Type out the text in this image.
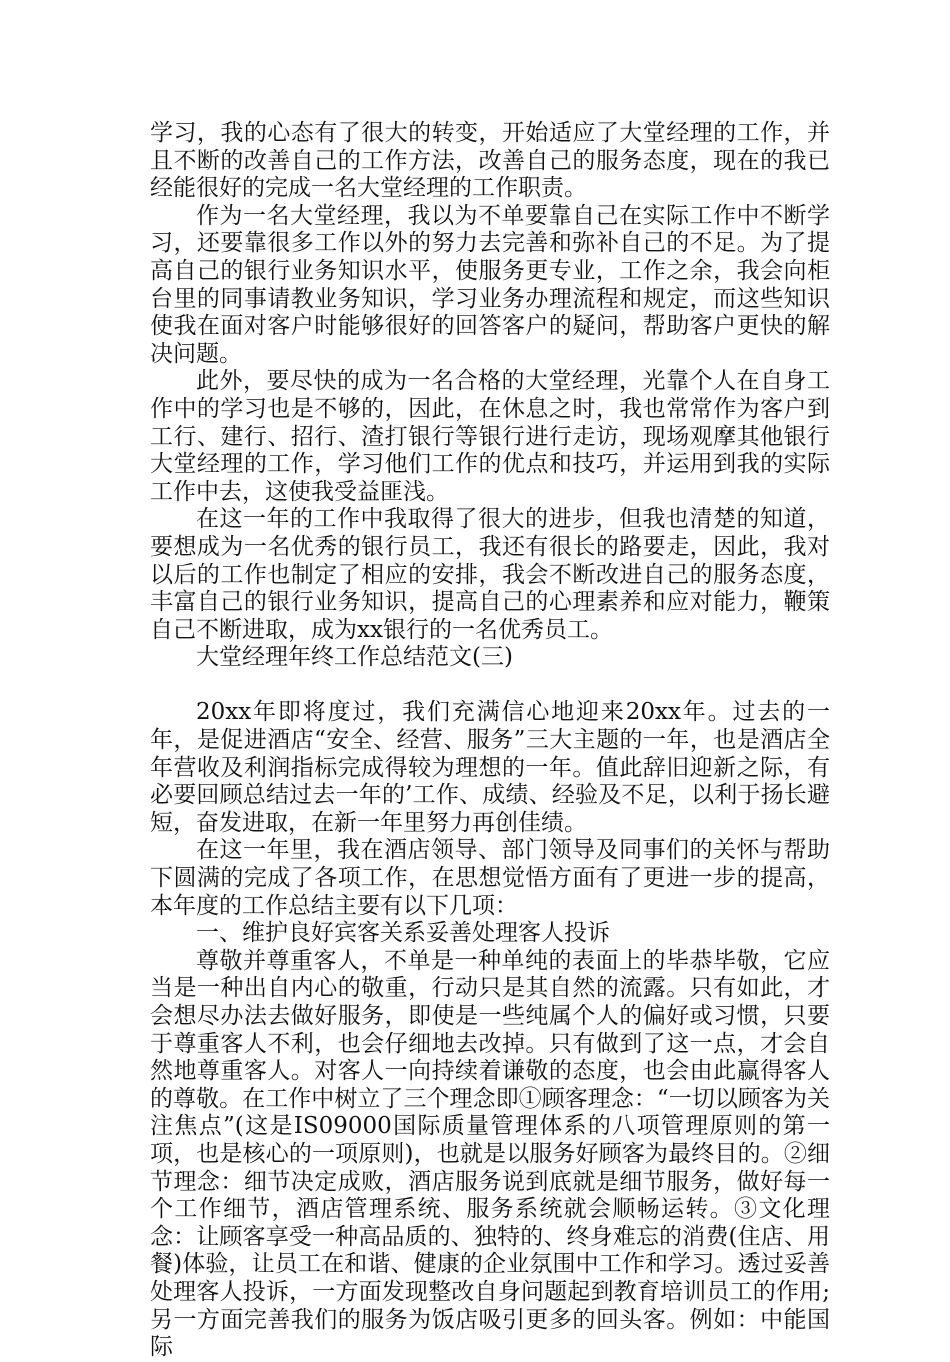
学习，我的心态有了很大的转变，开始适应了大堂经理的工作，并且不断的改善自己的工作方法，改善自己的服务态度，现在的我已经能很好的完成一名大堂经理的工作职责。

作为一名大堂经理，我以为不单要靠自己在实际工作中不断学习，还要靠很多工作以外的努力去完善和弥补自己的不足。为了提高自己的银行业务知识水平，使服务更专业，工作之余，我会向柜台里的同事请教业务知识，学习业务办理流程和规定，而这些知识使我在面对客户时能够很好的回答客户的疑问，帮助客户更快的解决问题。

此外，要尽快的成为一名合格的大堂经理，光靠个人在自身工作中的学习也是不够的，因此，在休息之时，我也常常作为客户到工行、建行、招行、渣打银行等银行进行走访，现场观摩其他银行大堂经理的工作，学习他们工作的优点和技巧，并运用到我的实际工作中去，这使我受益匪浅。

在这一年的工作中我取得了很大的进步，但我也清楚的知道，要想成为一名优秀的银行员工，我还有很长的路要走，因此，我对以后的工作也制定了相应的安排，我会不断改进自己的服务态度，丰富自己的银行业务知识，提高自己的心理素养和应对能力，鞭策自己不断进取，成为xx银行的一名优秀员工。

大堂经理年终工作总结范文(三)

20xx年即将度过，我们充满信心地迎来20xx年。过去的一年，是促进酒店“安全、经营、服务”三大主题的一年，也是酒店全年营收及利润指标完成得较为理想的一年。值此辞旧迎新之际，有必要回顾总结过去一年的’工作、成绩、经验及不足，以利于扬长避短，奋发进取，在新一年里努力再创佳绩。

在这一年里，我在酒店领导、部门领导及同事们的关怀与帮助下圆满的完成了各项工作，在思想觉悟方面有了更进一步的提高，本年度的工作总结主要有以下几项：

一、维护良好宾客关系妥善处理客人投诉

尊敬并尊重客人，不单是一种单纯的表面上的毕恭毕敬，它应当是一种出自内心的敬重，行动只是其自然的流露。只有如此，才会想尽办法去做好服务，即使是一些纯属个人的偏好或习惯，只要于尊重客人不利，也会仔细地去改掉。只有做到了这一点，才会自然地尊重客人。对客人一向持续着谦敬的态度，也会由此赢得客人的尊敬。在工作中树立了三个理念即①顾客理念：“一切以顾客为关注焦点”(这是IS09000国际质量管理体系的八项管理原则的第一项，也是核心的一项原则)，也就是以服务好顾客为最终目的。②细节理念：细节决定成败，酒店服务说到底就是细节服务，做好每一个工作细节，酒店管理系统、服务系统就会顺畅运转。③文化理念：让顾客享受一种高品质的、独特的、终身难忘的消费(住店、用餐)体验，让员工在和谐、健康的企业氛围中工作和学习。透过妥善处理客人投诉，一方面发现整改自身问题起到教育培训员工的作用;另一方面完善我们的服务为饭店吸引更多的回头客。例如：中能国际
